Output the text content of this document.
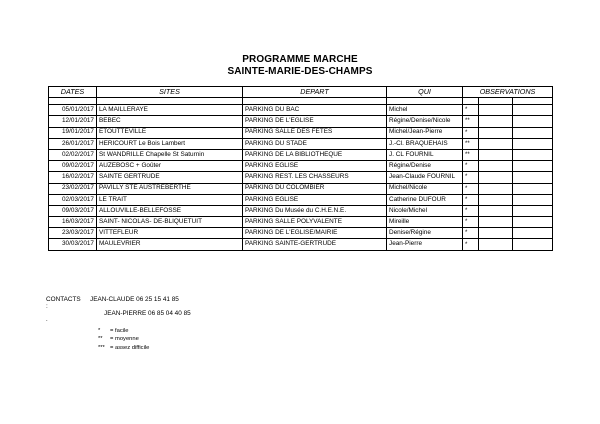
PROGRAMME MARCHE
SAINTE-MARIE-DES-CHAMPS
DATES	SITES	DEPART	QUI	OBSERVATIONS		

05/01/2017	LA MAILLERAYE	PARKING DU BAC	Michel	*		
12/01/2017	BEBEC	PARKING DE L'EGLISE	Régine/Denise/Nicole	**		
19/01/2017	ETOUTTEVILLE	PARKING SALLE DES FETES	Michel/Jean-Pierre	*		
26/01/2017	HERICOURT Le Bois Lambert	PARKING DU STADE	J.-Cl. BRAQUEHAIS	**		
02/02/2017	St WANDRILLE Chapelle St Saturnin	PARKING DE LA BIBLIOTHEQUE	J. CL FOURNIL	**		
09/02/2017	AUZEBOSC + Goûter	PARKING EGLISE	Régine/Denise	*		
16/02/2017	SAINTE GERTRUDE	PARKING REST. LES CHASSEURS	Jean-Claude FOURNIL	*		
23/02/2017	PAVILLY STE AUSTREBERTHE	PARKING DU COLOMBIER	Michel/Nicole	*		
02/03/2017	LE TRAIT	PARKING EGLISE	Catherine DUFOUR	*		
09/03/2017	ALLOUVILLE-BELLEFOSSE	PARKING Du Musée du C.H.E.N.E.	Nicole/Michel	*		
16/03/2017	SAINT- NICOLAS- DE-BLIQUETUIT	PARKING SALLE POLYVALENTE	Mireille	*		
23/03/2017	VITTEFLEUR	PARKING DE L'EGLISE/MAIRIE	Denise/Régine	*		
30/03/2017	MAULEVRIER	PARKING SAINTE-GERTRUDE	Jean-Pierre	*		
CONTACTS :
JEAN-CLAUDE 06 25 15 41 85
JEAN-PIERRE 06 85 04 40 85
.
* = facile
** = moyenne
*** = assez difficile
